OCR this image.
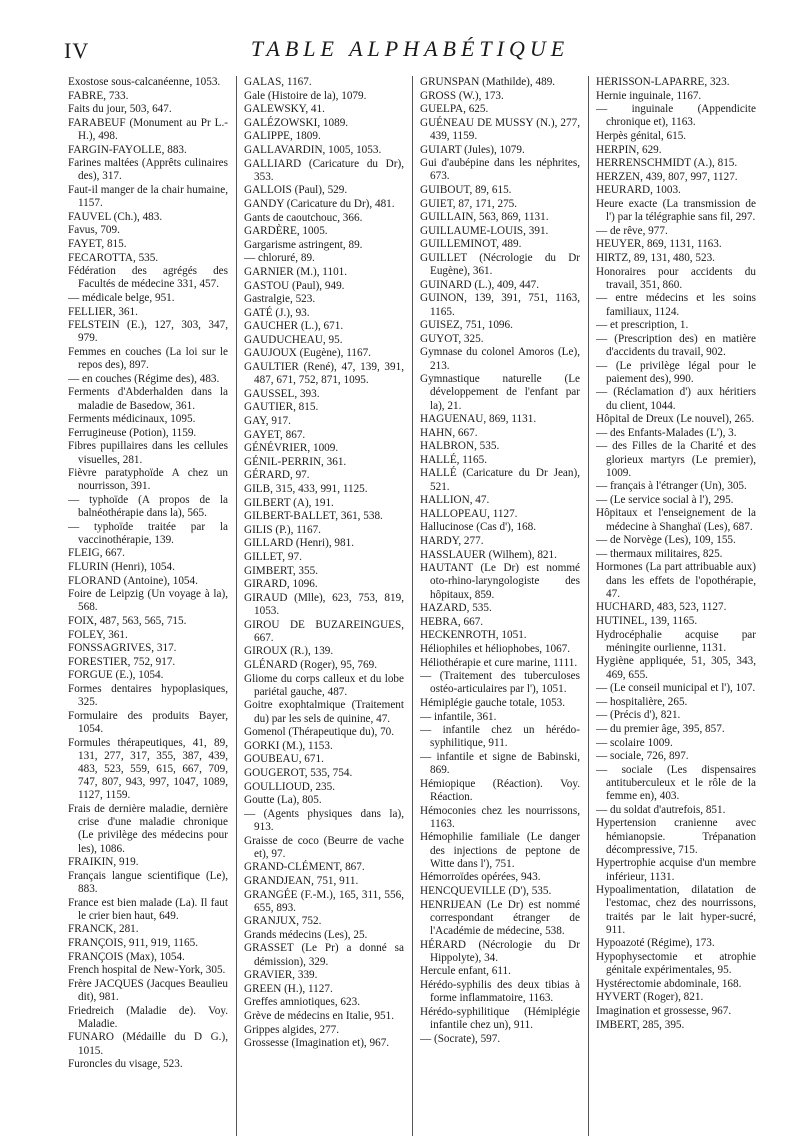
IV	TABLE ALPHABÉTIQUE
Exostose sous-calcanéenne, 1053.
FABRE, 733.
Faits du jour, 503, 647.
FARABEUF (Monument au Pr L.-H.), 498.
FARGIN-FAYOLLE, 883.
Farines maltées (Apprêts culinaires des), 317.
Faut-il manger de la chair humaine, 1157.
FAUVEL (Ch.), 483.
Favus, 709.
FAYET, 815.
FECAROTTA, 535.
Fédération des agrégés des Facultés de médecine 331, 457.
— médicale belge, 951.
FELLIER, 361.
FELSTEIN (E.), 127, 303, 347, 979.
Femmes en couches (La loi sur le repos des), 897.
— en couches (Régime des), 483.
Ferments d'Abderhalden dans la maladie de Basedow, 361.
Ferments médicinaux, 1095.
Ferrugineuse (Potion), 1159.
Fibres pupillaires dans les cellules visuelles, 281.
Fièvre paratyphoïde A chez un nourrisson, 391.
— typhoïde (A propos de la balnéothérapie dans la), 565.
— typhoïde traitée par la vaccinothérapie, 139.
FLEIG, 667.
FLURIN (Henri), 1054.
FLORAND (Antoine), 1054.
Foire de Leipzig (Un voyage à la), 568.
FOIX, 487, 563, 565, 715.
FOLEY, 361.
FONSSAGRIVES, 317.
FORESTIER, 752, 917.
FORGUE (E.), 1054.
Formes dentaires hypoplasiques, 325.
Formulaire des produits Bayer, 1054.
Formules thérapeutiques, 41, 89, 131, 277, 317, 355, 387, 439, 483, 523, 559, 615, 667, 709, 747, 807, 943, 997, 1047, 1089, 1127, 1159.
Frais de dernière maladie, dernière crise d'une maladie chronique (Le privilège des médecins pour les), 1086.
FRAIKIN, 919.
Français langue scientifique (Le), 883.
France est bien malade (La). Il faut le crier bien haut, 649.
FRANCK, 281.
FRANÇOIS, 911, 919, 1165.
FRANÇOIS (Max), 1054.
French hospital de New-York, 305.
Frère JACQUES (Jacques Beaulieu dit), 981.
Friedreich (Maladie de). Voy. Maladie.
FUNARO (Médaille du D G.), 1015.
Furoncles du visage, 523.
GALAS, 1167.
Gale (Histoire de la), 1079.
GALEWSKY, 41.
GALÉZOWSKI, 1089.
GALIPPE, 1809.
GALLAVARDIN, 1005, 1053.
GALLIARD (Caricature du Dr), 353.
GALLOIS (Paul), 529.
GANDY (Caricature du Dr), 481.
Gants de caoutchouc, 366.
GARDÈRE, 1005.
Gargarisme astringent, 89.
— chloruré, 89.
GARNIER (M.), 1101.
GASTOU (Paul), 949.
Gastralgie, 523.
GATÉ (J.), 93.
GAUCHER (L.), 671.
GAUDUCHEAU, 95.
GAUJOUX (Eugène), 1167.
GAULTIER (René), 47, 139, 391, 487, 671, 752, 871, 1095.
GAUSSEL, 393.
GAUTIER, 815.
GAY, 917.
GAYET, 867.
GÉNÉVRIER, 1009.
GÉNIL-PERRIN, 361.
GÉRARD, 97.
GILB, 315, 433, 991, 1125.
GILBERT (A), 191.
GILBERT-BALLET, 361, 538.
GILIS (P.), 1167.
GILLARD (Henri), 981.
GILLET, 97.
GIMBERT, 355.
GIRARD, 1096.
GIRAUD (Mlle), 623, 753, 819, 1053.
GIROU DE BUZAREINGUES, 667.
GIROUX (R.), 139.
GLÉNARD (Roger), 95, 769.
Gliome du corps calleux et du lobe pariétal gauche, 487.
Goitre exophtalmique (Traitement du) par les sels de quinine, 47.
Gomenol (Thérapeutique du), 70.
GORKI (M.), 1153.
GOUBEAU, 671.
GOUGEROT, 535, 754.
GOULLIOUD, 235.
Goutte (La), 805.
— (Agents physiques dans la), 913.
Graisse de coco (Beurre de vache et), 97.
GRAND-CLÉMENT, 867.
GRANDJEAN, 751, 911.
GRANGÉE (F.-M.), 165, 311, 556, 655, 893.
GRANJUX, 752.
Grands médecins (Les), 25.
GRASSET (Le Pr) a donné sa démission), 329.
GRAVIER, 339.
GREEN (H.), 1127.
Greffes amniotiques, 623.
Grève de médecins en Italie, 951.
Grippes algides, 277.
Grossesse (Imagination et), 967.
GRUNSPAN (Mathilde), 489.
GROSS (W.), 173.
GUELPA, 625.
GUÉNEAU DE MUSSY (N.), 277, 439, 1159.
GUIART (Jules), 1079.
Gui d'aubépine dans les néphrites, 673.
GUIBOUT, 89, 615.
GUIET, 87, 171, 275.
GUILLAIN, 563, 869, 1131.
GUILLAUME-LOUIS, 391.
GUILLEMINOT, 489.
GUILLET (Nécrologie du Dr Eugène), 361.
GUINARD (L.), 409, 447.
GUINON, 139, 391, 751, 1163, 1165.
GUISEZ, 751, 1096.
GUYOT, 325.
Gymnase du colonel Amoros (Le), 213.
Gymnastique naturelle (Le développement de l'enfant par la), 21.
HAGUENAU, 869, 1131.
HAHN, 667.
HALBRON, 535.
HALLÉ, 1165.
HALLÉ (Caricature du Dr Jean), 521.
HALLION, 47.
HALLOPEAU, 1127.
Hallucinose (Cas d'), 168.
HARDY, 277.
HASSLAUER (Wilhem), 821.
HAUTANT (Le Dr) est nommé oto-rhino-laryngologiste des hôpitaux, 859.
HAZARD, 535.
HEBRA, 667.
HECKENROTH, 1051.
Héliophiles et héliophobes, 1067.
Héliothérapie et cure marine, 1111.
— (Traitement des tuberculoses ostéo-articulaires par l'), 1051.
Hémiplégie gauche totale, 1053.
— infantile, 361.
— infantile chez un hérédo-syphilitique, 911.
— infantile et signe de Babinski, 869.
Hémiopique (Réaction). Voy. Réaction.
Hémoconies chez les nourrissons, 1163.
Hémophilie familiale (Le danger des injections de peptone de Witte dans l'), 751.
Hémorroïdes opérées, 943.
HENCQUEVILLE (D'), 535.
HENRIJEAN (Le Dr) est nommé correspondant étranger de l'Académie de médecine, 538.
HÉRARD (Nécrologie du Dr Hippolyte), 34.
Hercule enfant, 611.
Hérédo-syphilis des deux tibias à forme inflammatoire, 1163.
Hérédo-syphilitique (Hémiplégie infantile chez un), 911.
— (Socrate), 597.
HÉRISSON-LAPARRE, 323.
Hernie inguinale, 1167.
— inguinale (Appendicite chronique et), 1163.
Herpès génital, 615.
HERPIN, 629.
HERRENSCHMIDT (A.), 815.
HERZEN, 439, 807, 997, 1127.
HEURARD, 1003.
Heure exacte (La transmission de l') par la télégraphie sans fil, 297.
— de rêve, 977.
HEUYER, 869, 1131, 1163.
HIRTZ, 89, 131, 480, 523.
Honoraires pour accidents du travail, 351, 860.
— entre médecins et les soins familiaux, 1124.
— et prescription, 1.
— (Prescription des) en matière d'accidents du travail, 902.
— (Le privilège légal pour le paiement des), 990.
— (Réclamation d') aux héritiers du client, 1044.
Hôpital de Dreux (Le nouvel), 265.
— des Enfants-Malades (L'), 3.
— des Filles de la Charité et des glorieux martyrs (Le premier), 1009.
— français à l'étranger (Un), 305.
— (Le service social à l'), 295.
Hôpitaux et l'enseignement de la médecine à Shanghaï (Les), 687.
— de Norvège (Les), 109, 155.
— thermaux militaires, 825.
Hormones (La part attribuable aux) dans les effets de l'opothérapie, 47.
HUCHARD, 483, 523, 1127.
HUTINEL, 139, 1165.
Hydrocéphalie acquise par méningite ourlienne, 1131.
Hygiène appliquée, 51, 305, 343, 469, 655.
— (Le conseil municipal et l'), 107.
— hospitalière, 265.
— (Précis d'), 821.
— du premier âge, 395, 857.
— scolaire 1009.
— sociale, 726, 897.
— sociale (Les dispensaires antituberculeux et le rôle de la femme en), 403.
— du soldat d'autrefois, 851.
Hypertension cranienne avec hémianopsie. Trépanation décompressive, 715.
Hypertrophie acquise d'un membre inférieur, 1131.
Hypoalimentation, dilatation de l'estomac, chez des nourrissons, traités par le lait hyper-sucré, 911.
Hypoazoté (Régime), 173.
Hypophysectomie et atrophie génitale expérimentales, 95.
Hystérectomie abdominale, 168.
HYVERT (Roger), 821.
Imagination et grossesse, 967.
IMBERT, 285, 395.
